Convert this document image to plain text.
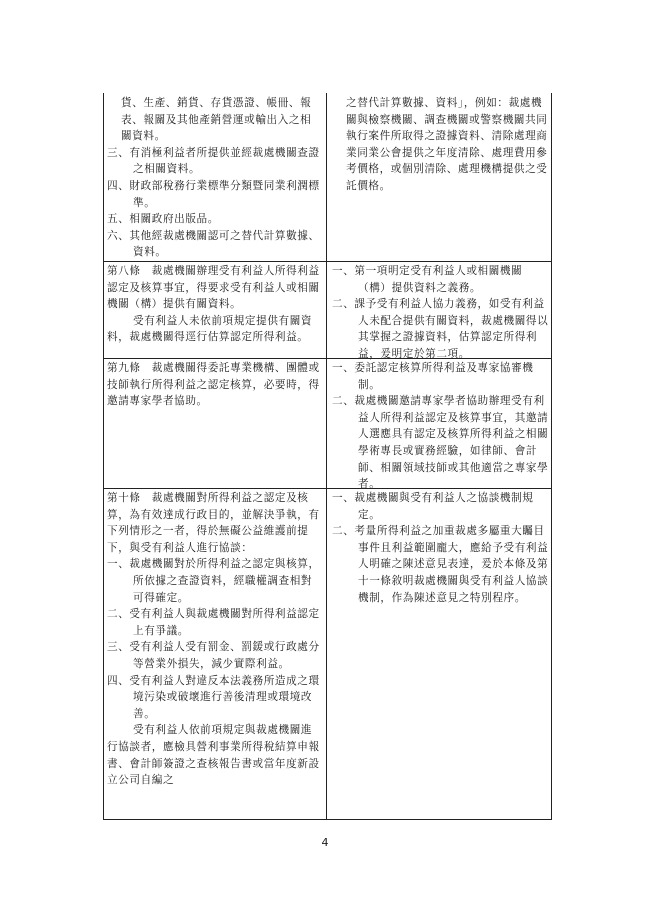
貨、生產、銷貨、存貨憑證、帳冊、報表、報關及其他產銷營運或輸出入之相關資料。

三、有消極利益者所提供並經裁處機關查證之相關資料。

四、財政部稅務行業標準分類暨同業利潤標準。

五、相關政府出版品。

六、其他經裁處機關認可之替代計算數據、資料。

之替代計算數據、資料」，例如：裁處機關與檢察機關、調查機關或警察機關共同執行案件所取得之證據資料、清除處理商業同業公會提供之年度清除、處理費用參考價格，或個別清除、處理機構提供之受託價格。

第八條　裁處機關辦理受有利益人所得利益認定及核算事宜，得要求受有利益人或相關機關（構）提供有關資料。

受有利益人未依前項規定提供有關資料，裁處機關得逕行估算認定所得利益。

一、第一項明定受有利益人或相關機關（構）提供資料之義務。

二、課予受有利益人協力義務，如受有利益人未配合提供有關資料，裁處機關得以其掌握之證據資料，估算認定所得利益，爰明定於第二項。

第九條　裁處機關得委託專業機構、團體或技師執行所得利益之認定核算，必要時，得邀請專家學者協助。

一、委託認定核算所得利益及專家協審機制。

二、裁處機關邀請專家學者協助辦理受有利益人所得利益認定及核算事宜，其邀請人選應具有認定及核算所得利益之相關學術專長或實務經驗，如律師、會計師、相關領域技師或其他適當之專家學者。

第十條　裁處機關對所得利益之認定及核算，為有效達成行政目的，並解決爭執，有下列情形之一者，得於無礙公益維護前提下，與受有利益人進行協談：

一、裁處機關對於所得利益之認定與核算，所依據之查證資料，經職權調查相對可得確定。

二、受有利益人與裁處機關對所得利益認定上有爭議。

三、受有利益人受有罰金、罰鍰或行政處分等營業外損失，減少實際利益。

四、受有利益人對違反本法義務所造成之環境污染或破壞進行善後清理或環境改善。

受有利益人依前項規定與裁處機關進行協談者，應檢具營利事業所得稅結算申報書、會計師簽證之查核報告書或當年度新設立公司自編之

一、裁處機關與受有利益人之協談機制規定。

二、考量所得利益之加重裁處多屬重大矚目事件且利益範圍龐大，應給予受有利益人明確之陳述意見表達，爰於本條及第十一條敘明裁處機關與受有利益人協談機制，作為陳述意見之特別程序。

4
